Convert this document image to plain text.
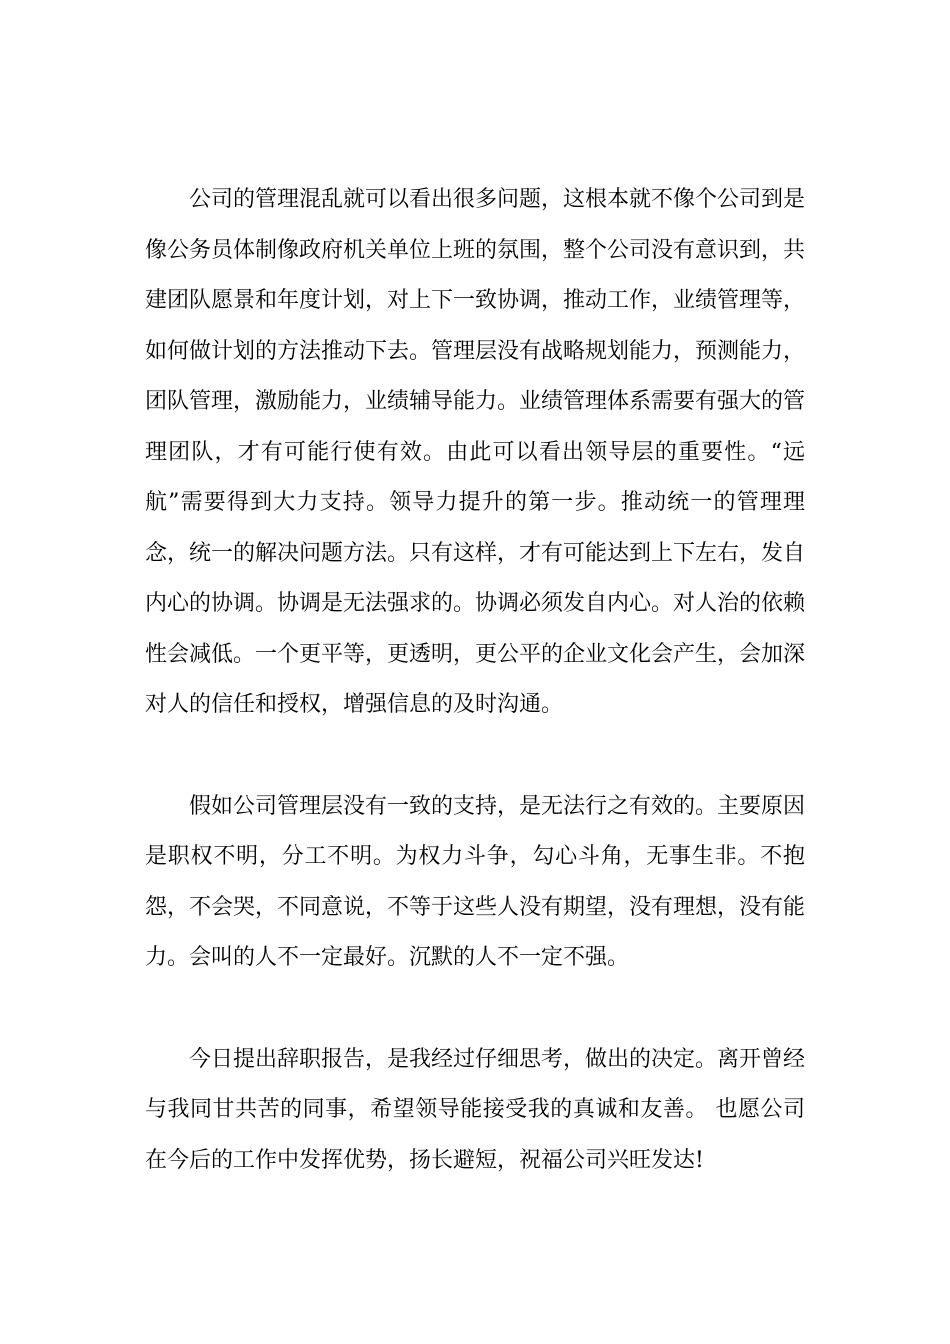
公司的管理混乱就可以看出很多问题，这根本就不像个公司到是像公务员体制像政府机关单位上班的氛围，整个公司没有意识到，共建团队愿景和年度计划，对上下一致协调，推动工作，业绩管理等，如何做计划的方法推动下去。管理层没有战略规划能力，预测能力，团队管理，激励能力，业绩辅导能力。业绩管理体系需要有强大的管理团队，才有可能行使有效。由此可以看出领导层的重要性。“远航”需要得到大力支持。领导力提升的第一步。推动统一的管理理念，统一的解决问题方法。只有这样，才有可能达到上下左右，发自内心的协调。协调是无法强求的。协调必须发自内心。对人治的依赖性会减低。一个更平等，更透明，更公平的企业文化会产生，会加深对人的信任和授权，增强信息的及时沟通。

假如公司管理层没有一致的支持，是无法行之有效的。主要原因是职权不明，分工不明。为权力斗争，勾心斗角，无事生非。不抱怨，不会哭，不同意说，不等于这些人没有期望，没有理想，没有能力。会叫的人不一定最好。沉默的人不一定不强。

今日提出辞职报告，是我经过仔细思考，做出的决定。离开曾经与我同甘共苦的同事，希望领导能接受我的真诚和友善。 也愿公司在今后的工作中发挥优势，扬长避短，祝福公司兴旺发达!
